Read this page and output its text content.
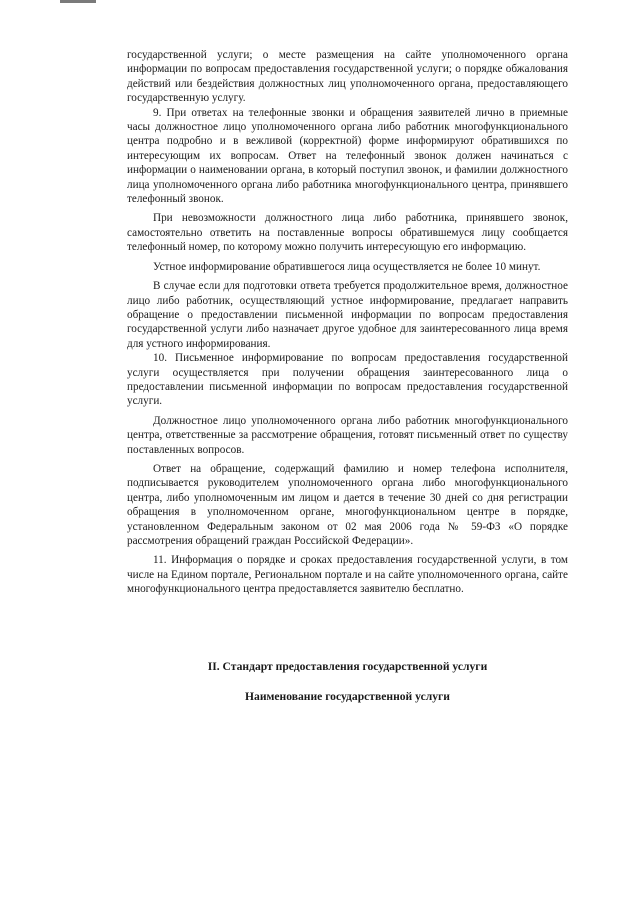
государственной услуги; о месте размещения на сайте уполномоченного органа информации по вопросам предоставления государственной услуги; о порядке обжалования действий или бездействия должностных лиц уполномоченного органа, предоставляющего государственную услугу.

9. При ответах на телефонные звонки и обращения заявителей лично в приемные часы должностное лицо уполномоченного органа либо работник многофункционального центра подробно и в вежливой (корректной) форме информируют обратившихся по интересующим их вопросам. Ответ на телефонный звонок должен начинаться с информации о наименовании органа, в который поступил звонок, и фамилии должностного лица уполномоченного органа либо работника многофункционального центра, принявшего телефонный звонок.

При невозможности должностного лица либо работника, принявшего звонок, самостоятельно ответить на поставленные вопросы обратившемуся лицу сообщается телефонный номер, по которому можно получить интересующую его информацию.

Устное информирование обратившегося лица осуществляется не более 10 минут.

В случае если для подготовки ответа требуется продолжительное время, должностное лицо либо работник, осуществляющий устное информирование, предлагает направить обращение о предоставлении письменной информации по вопросам предоставления государственной услуги либо назначает другое удобное для заинтересованного лица время для устного информирования.

10. Письменное информирование по вопросам предоставления государственной услуги осуществляется при получении обращения заинтересованного лица о предоставлении письменной информации по вопросам предоставления государственной услуги.

Должностное лицо уполномоченного органа либо работник многофункционального центра, ответственные за рассмотрение обращения, готовят письменный ответ по существу поставленных вопросов.

Ответ на обращение, содержащий фамилию и номер телефона исполнителя, подписывается руководителем уполномоченного органа либо многофункционального центра, либо уполномоченным им лицом и дается в течение 30 дней со дня регистрации обращения в уполномоченном органе, многофункциональном центре в порядке, установленном Федеральным законом от 02 мая 2006 года № 59-ФЗ «О порядке рассмотрения обращений граждан Российской Федерации».

11. Информация о порядке и сроках предоставления государственной услуги, в том числе на Едином портале, Региональном портале и на сайте уполномоченного органа, сайте многофункционального центра предоставляется заявителю бесплатно.

II. Стандарт предоставления государственной услуги
Наименование государственной услуги
